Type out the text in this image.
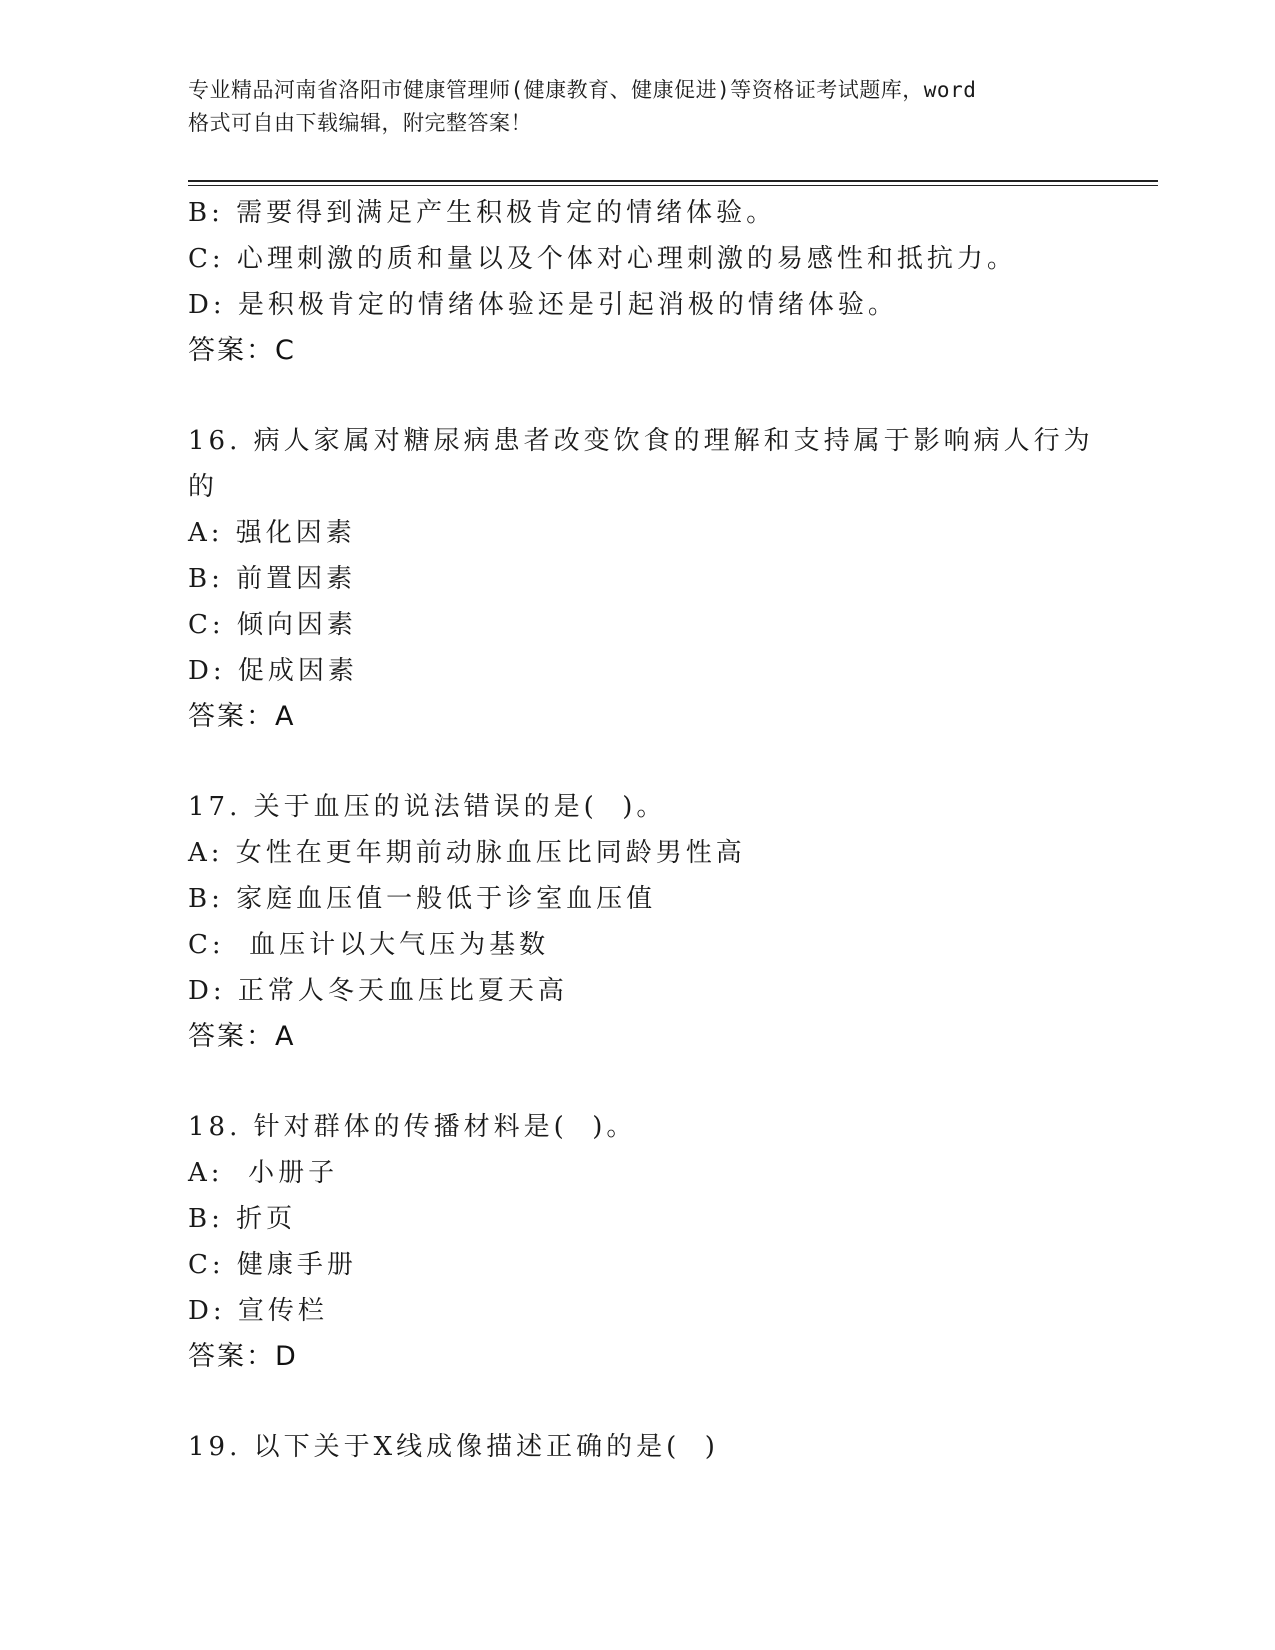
专业精品河南省洛阳市健康管理师(健康教育、健康促进)等资格证考试题库，word
格式可自由下载编辑，附完整答案！
B: 需要得到满足产生积极肯定的情绪体验。
C: 心理刺激的质和量以及个体对心理刺激的易感性和抵抗力。
D: 是积极肯定的情绪体验还是引起消极的情绪体验。
答案：C
16. 病人家属对糖尿病患者改变饮食的理解和支持属于影响病人行为
的
A: 强化因素
B: 前置因素
C: 倾向因素
D: 促成因素
答案：A
17. 关于血压的说法错误的是(  )。
A: 女性在更年期前动脉血压比同龄男性高
B: 家庭血压值一般低于诊室血压值
C:  血压计以大气压为基数
D: 正常人冬天血压比夏天高
答案：A
18. 针对群体的传播材料是(  )。
A:  小册子
B: 折页
C: 健康手册
D: 宣传栏
答案：D
19. 以下关于X线成像描述正确的是(  )
